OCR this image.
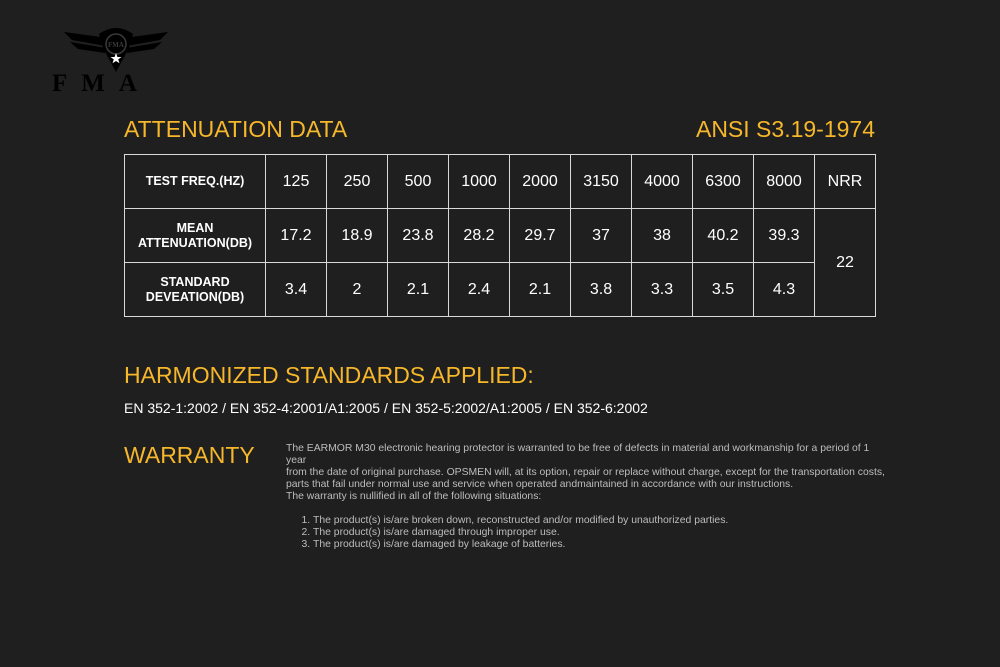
FMA
FMA
ATTENUATION DATA	ANSI S3.19-1974
TEST FREQ.(HZ)	125	250	500	1000	2000	3150	4000	6300	8000	NRR

MEAN
ATTENUATION(DB)	17.2	18.9	23.8	28.2	29.7	37	38	40.2	39.3	22

STANDARD
DEVEATION(DB)	3.4	2	2.1	2.4	2.1	3.8	3.3	3.5	4.3	
HARMONIZED STANDARDS APPLIED:
EN 352-1:2002 / EN 352-4:2001/A1:2005 / EN 352-5:2002/A1:2005 / EN 352-6:2002
WARRANTY	The EARMOR M30 electronic hearing protector is warranted to be free of defects in material and workmanship for a period of 1 year

from the date of original purchase. OPSMEN will, at its option, repair or replace without charge, except for the transportation costs,

parts that fail under normal use and service when operated andmaintained in accordance with our instructions.

The warranty is nullified in all of the following situations:

1. The product(s) is/are broken down, reconstructed and/or modified by unauthorized parties.
2. The product(s) is/are damaged through improper use.
3. The product(s) is/are damaged by leakage of batteries.
